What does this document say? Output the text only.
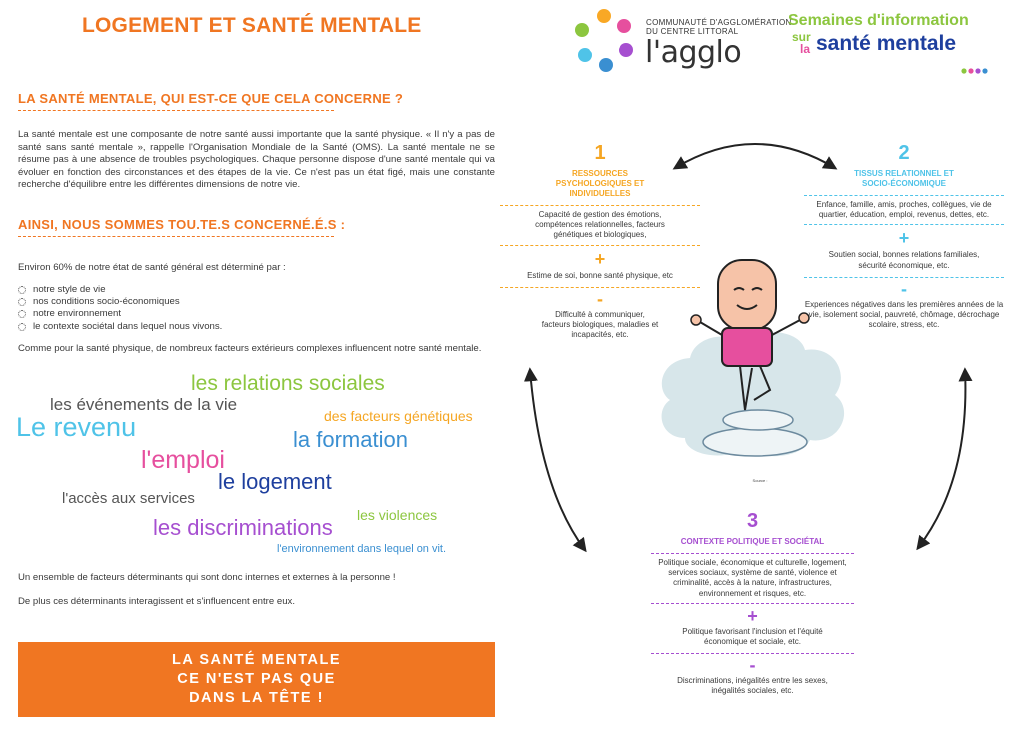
LOGEMENT ET SANTÉ MENTALE
LA SANTÉ MENTALE, QUI EST-CE QUE CELA CONCERNE ?
La santé mentale est une composante de notre santé aussi importante que la santé physique. « Il n'y a pas de santé sans santé mentale », rappelle l'Organisation Mondiale de la Santé (OMS). La santé mentale ne se résume pas à une absence de troubles psychologiques. Chaque personne dispose d'une santé mentale qui va évoluer en fonction des circonstances et des étapes de la vie. Ce n'est pas un état figé, mais une constante recherche d'équilibre entre les différentes dimensions de notre vie.
AINSI, NOUS SOMMES TOU.TE.S CONCERNÉ.É.S :
Environ 60% de notre état de santé général est déterminé par :
notre style de vie
nos conditions socio-économiques
notre environnement
le contexte sociétal dans lequel nous vivons.
Comme pour la santé physique, de nombreux facteurs extérieurs complexes influencent notre santé mentale.
les relations sociales
les événements de la vie
des facteurs génétiques
Le revenu	la formation
l'emploi
le logement
l'accès aux services
les violences
les discriminations
l'environnement dans lequel on vit.
Un ensemble de facteurs déterminants qui sont donc internes et externes à la personne !
De plus ces déterminants interagissent et s'influencent entre eux.
LA SANTÉ MENTALE
CE N'EST PAS QUE
DANS LA TÊTE !
COMMUNAUTÉ D'AGGLOMÉRATION
DU CENTRE LITTORAL
l'agglo
Semaines d'information
sur
la santé mentale
Source :
1
RESSOURCES PSYCHOLOGIQUES ET INDIVIDUELLES
Capacité de gestion des émotions, compétences relationnelles, facteurs génétiques et biologiques,
+
Estime de soi, bonne santé physique, etc
-
Difficulté à communiquer, facteurs biologiques, maladies et incapacités, etc.
2
TISSUS RELATIONNEL ET SOCIO-ÉCONOMIQUE
Enfance, famille, amis, proches, collègues, vie de quartier, éducation, emploi, revenus, dettes, etc.
+
Soutien social, bonnes relations familiales, sécurité économique, etc.
-
Experiences négatives dans les premières années de la vie, isolement social, pauvreté, chômage, décrochage scolaire, stress, etc.
3
CONTEXTE POLITIQUE ET SOCIÉTAL
Politique sociale, économique et culturelle, logement, services sociaux, système de santé, violence et criminalité, accès à la nature, infrastructures, environnement et risques, etc.
+
Politique favorisant l'inclusion et l'équité économique et sociale, etc.
-
Discriminations, inégalités entre les sexes, inégalités sociales, etc.
